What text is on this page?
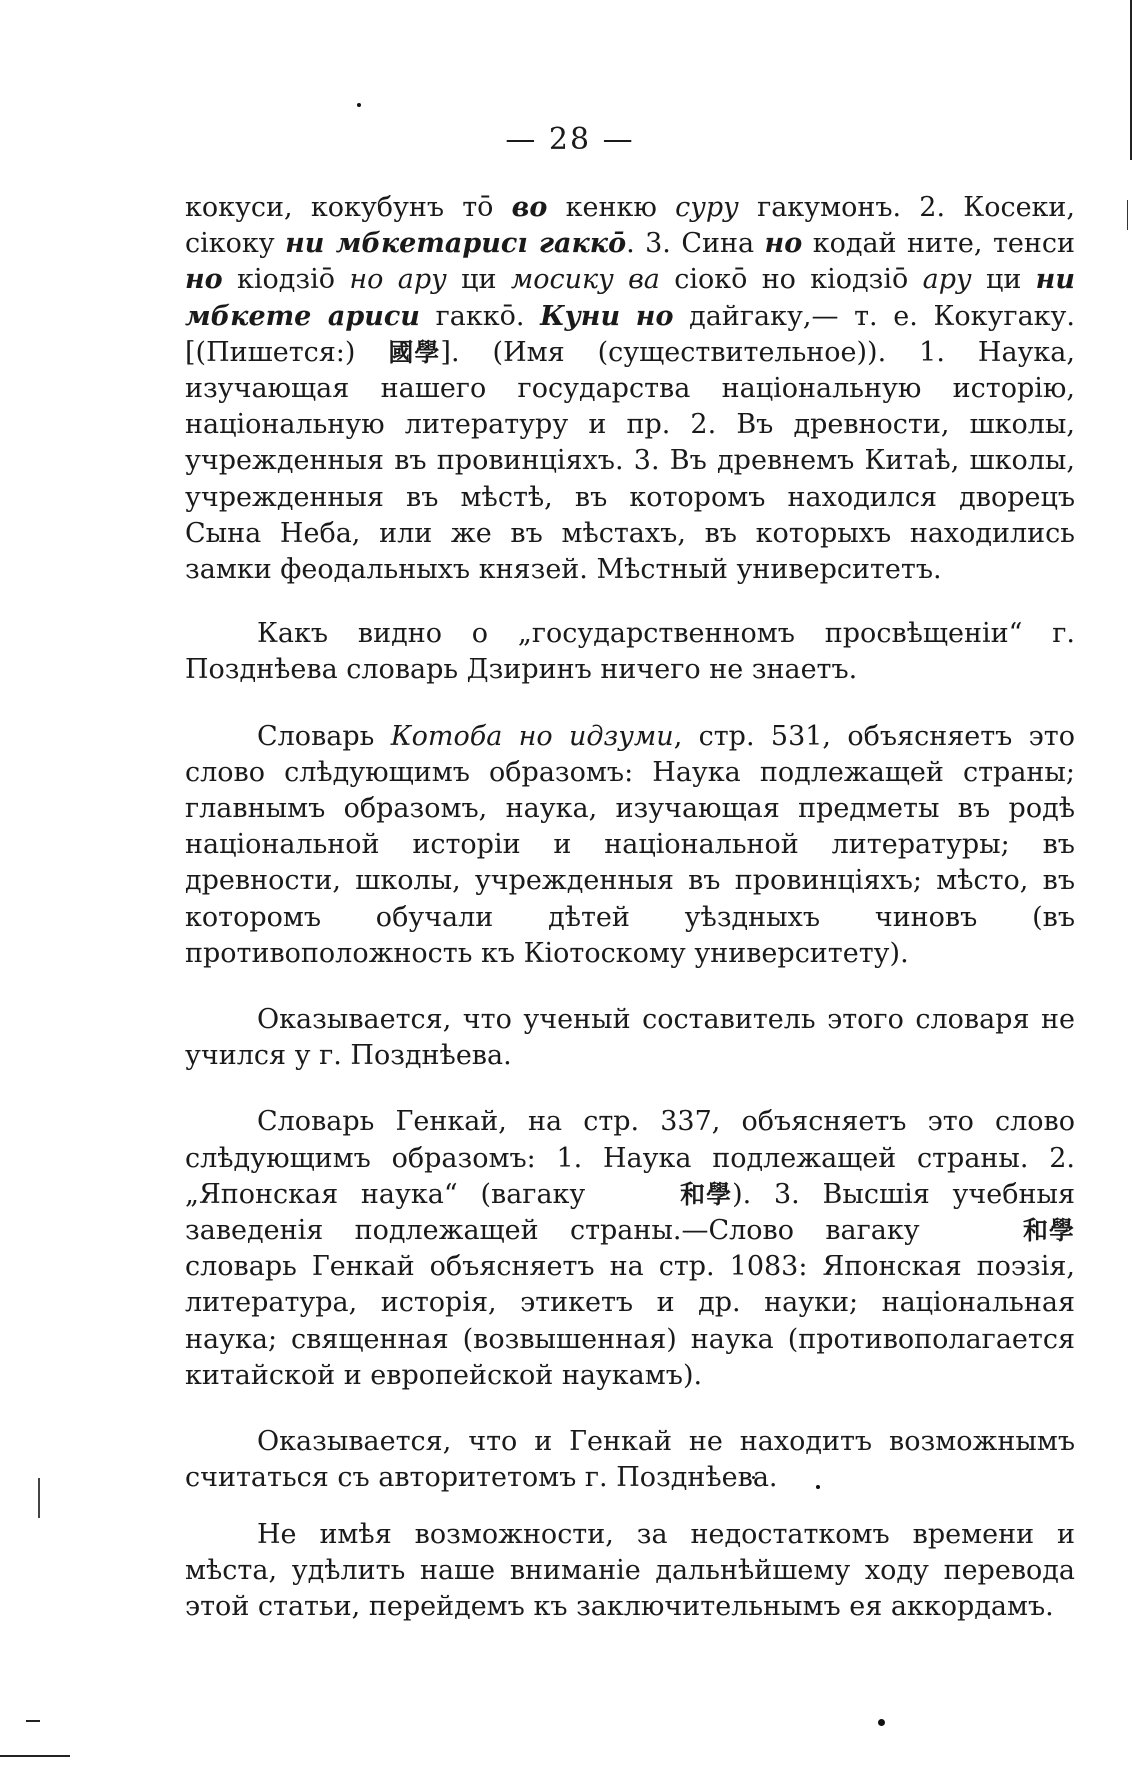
— 28 —

кокуси, кокубунъ тō во кенкю суру гакумонъ. 2. Косеки, сікоку ни мбкетарисı гаккō. 3. Сина но кодай ните, тенси но кіодзіō но ару ци мосику ва сіокō но кіодзіō ару ци ни мбкете ариси гаккō. Куни но дайгаку,— т. е. Кокугаку. [(Пишется:) 國學]. (Имя (существительное)). 1. Наука, изучающая нашего государства національную исторію, національную литературу и пр. 2. Въ древности, школы, учрежденныя въ провинціяхъ. 3. Въ древнемъ Китаѣ, школы, учрежденныя въ мѣстѣ, въ которомъ находился дворецъ Сына Неба, или же въ мѣстахъ, въ которыхъ находились замки феодальныхъ князей. Мѣстный университетъ.

Какъ видно о „государственномъ просвѣщеніи“ г. Позднѣева словарь Дзиринъ ничего не знаетъ.

Словарь Котоба но идзуми, стр. 531, объясняетъ это слово слѣдующимъ образомъ: Наука подлежащей страны; главнымъ образомъ, наука, изучающая предметы въ родѣ національной исторіи и національной литературы; въ древности, школы, учрежденныя въ провинціяхъ; мѣсто, въ которомъ обучали дѣтей уѣздныхъ чиновъ (въ противоположность къ Кіотоскому университету).

Оказывается, что ученый составитель этого словаря не учился у г. Позднѣева.

Словарь Генкай, на стр. 337, объясняетъ это слово слѣдующимъ образомъ: 1. Наука подлежащей страны. 2. „Японская наука“ (вагаку	和學). 3. Высшія учебныя заведенія подлежащей страны.—Слово вагаку	和學 словарь Генкай объясняетъ на стр. 1083: Японская поэзія, литература, исторія, этикетъ и др. науки; національная наука; священная (возвышенная) наука (противополагается китайской и европейской наукамъ).

Оказывается, что и Генкай не находитъ возможнымъ считаться съ авторитетомъ г. Позднѣева.

Не имѣя возможности, за недостаткомъ времени и мѣста, удѣлить наше вниманіе дальнѣйшему ходу перевода этой статьи, перейдемъ къ заключительнымъ ея аккордамъ.
